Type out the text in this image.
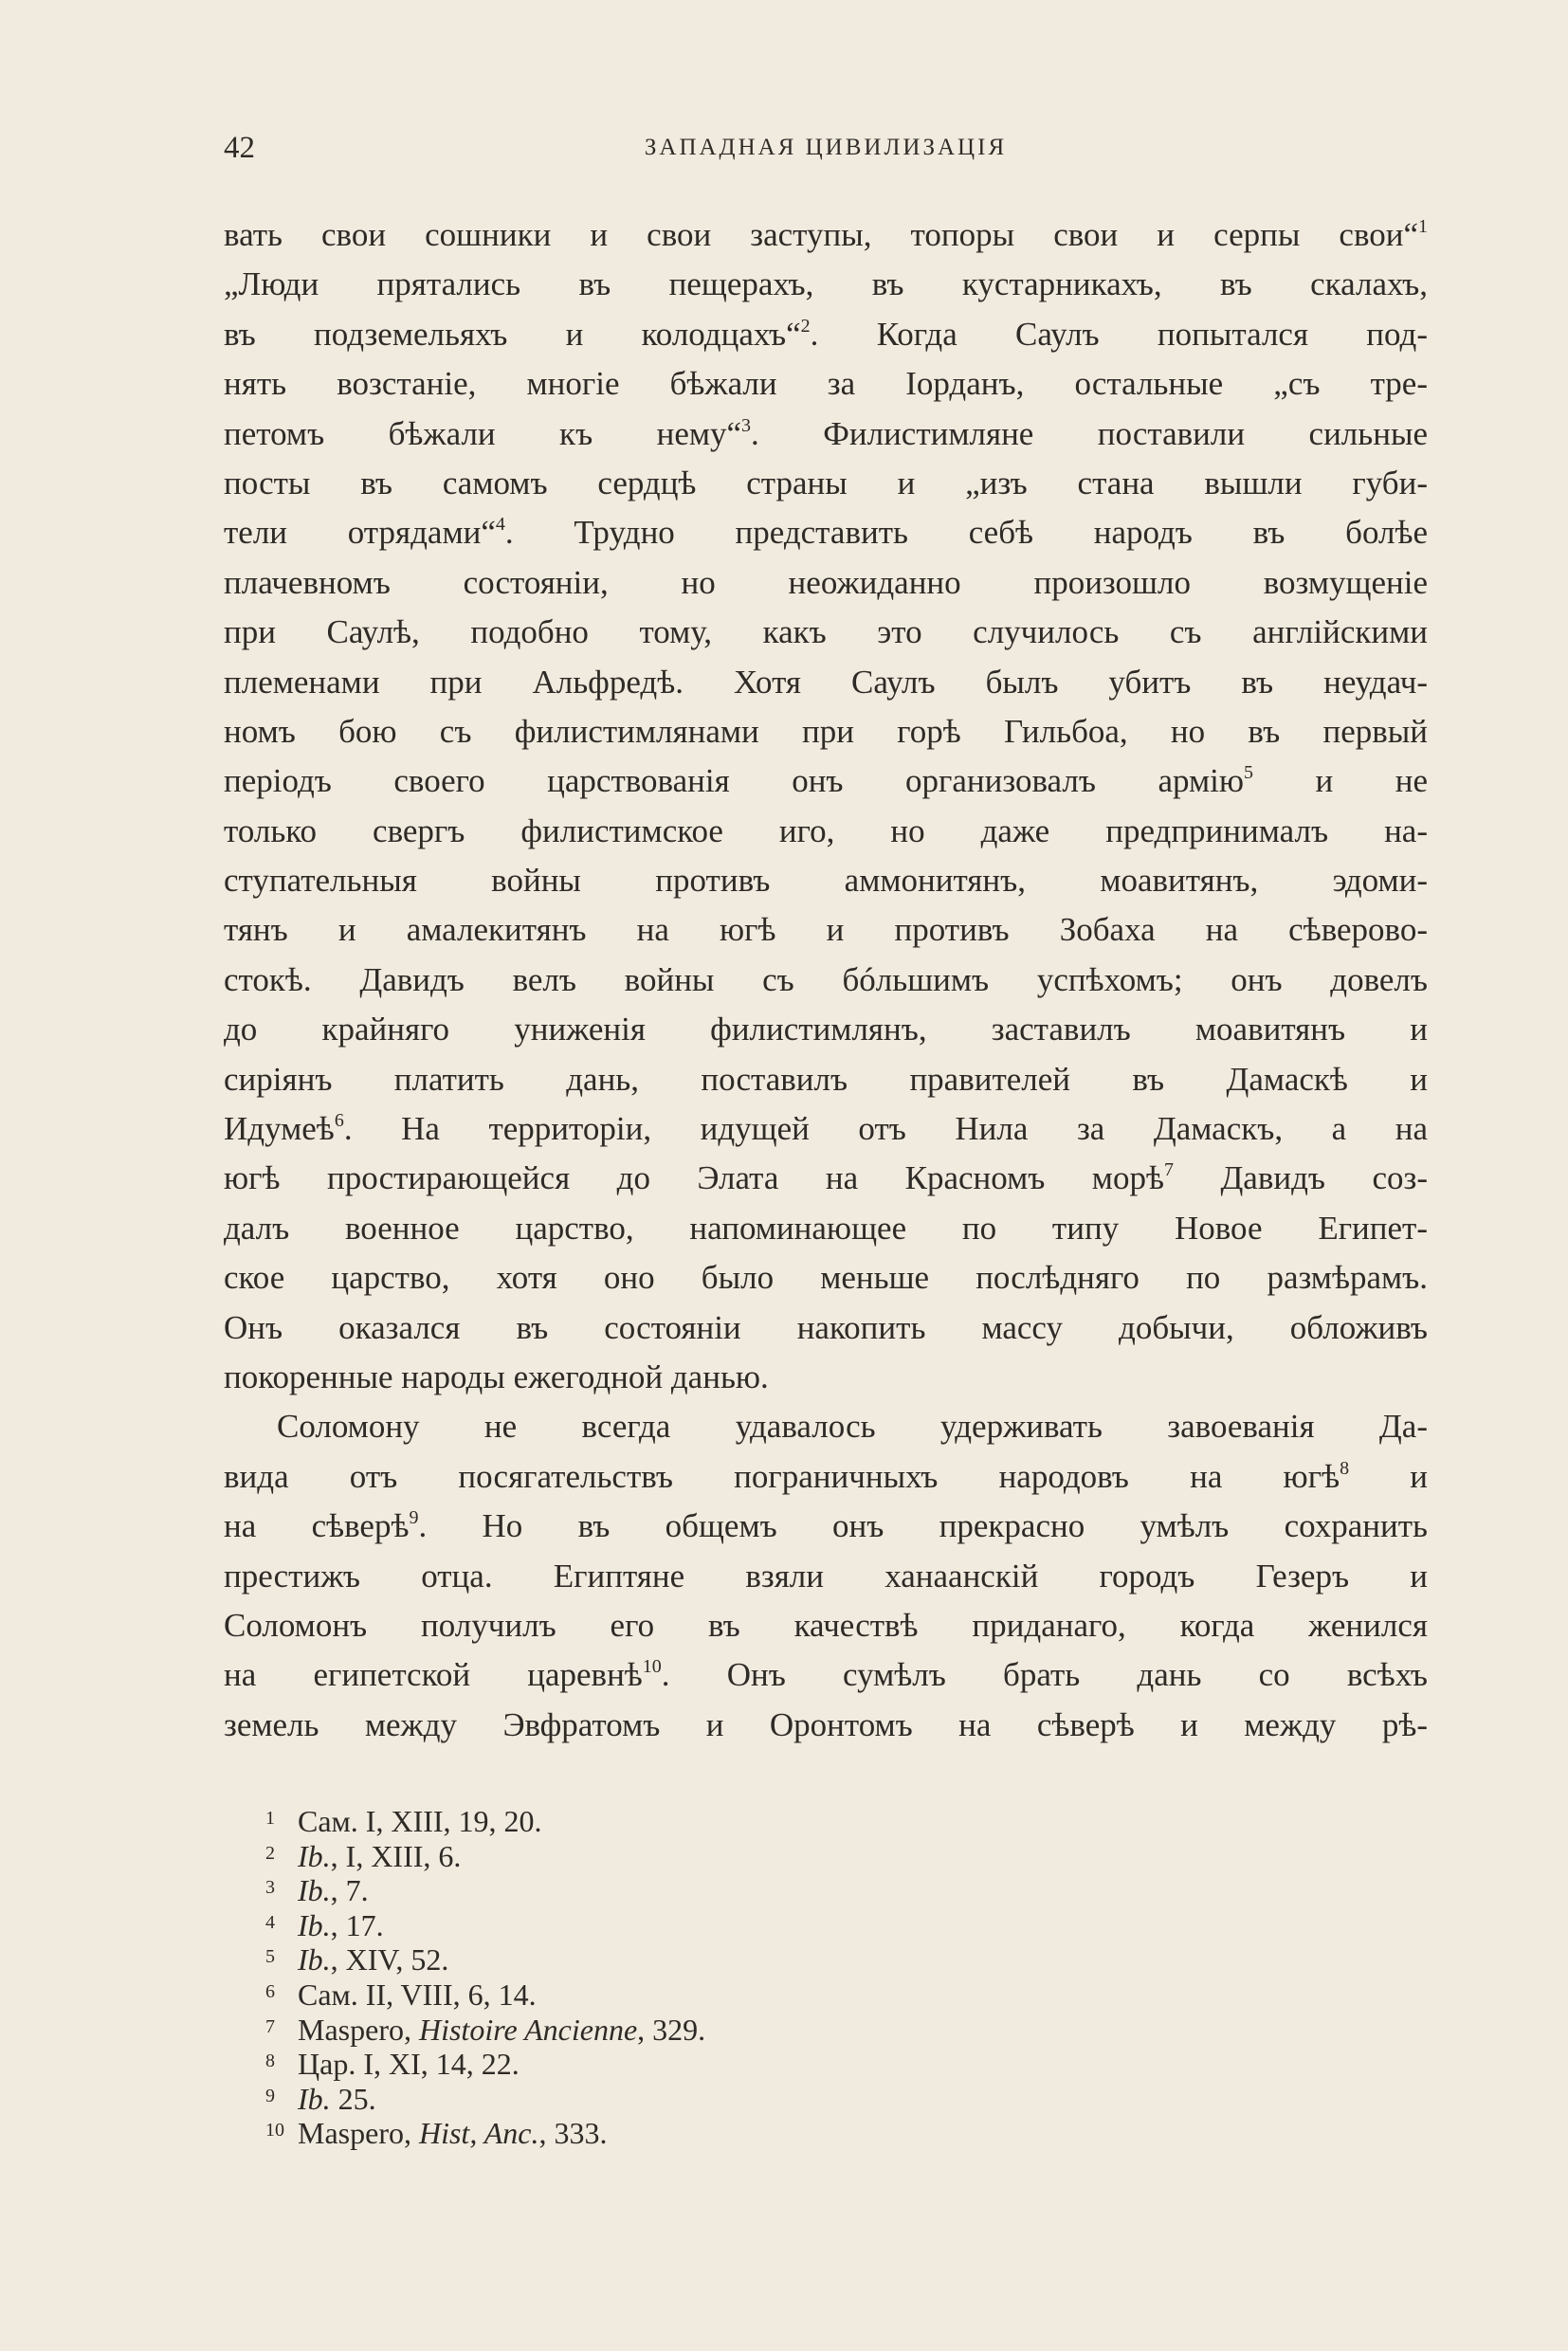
42	ЗАПАДНАЯ ЦИВИЛИЗАЦІЯ
вать свои сошники и свои заступы, топоры свои и серпы свои“$^1$
„Люди прятались въ пещерахъ, въ кустарникахъ, въ скалахъ,
въ подземельяхъ и колодцахъ“$^2$. Когда Саулъ попытался под-
нять возстаніе, многіе бѣжали за Іорданъ, остальные „съ тре-
петомъ бѣжали къ нему“$^3$. Филистимляне поставили сильные
посты въ самомъ сердцѣ страны и „изъ стана вышли губи-
тели отрядами“$^4$. Трудно представить себѣ народъ въ болѣе
плачевномъ состояніи, но неожиданно произошло возмущеніе
при Саулѣ, подобно тому, какъ это случилось съ англійскими
племенами при Альфредѣ. Хотя Саулъ былъ убитъ въ неудач-
номъ бою съ филистимлянами при горѣ Гильбоа, но въ первый
періодъ своего царствованія онъ организовалъ армію$^5$ и не
только свергъ филистимское иго, но даже предпринималъ на-
ступательныя войны противъ аммонитянъ, моавитянъ, эдоми-
тянъ и амалекитянъ на югѣ и противъ Зобаха на сѣверово-
стокѣ. Давидъ велъ войны съ бóльшимъ успѣхомъ; онъ довелъ
до крайняго униженія филистимлянъ, заставилъ моавитянъ и
сиріянъ платить дань, поставилъ правителей въ Дамаскѣ и
Идумеѣ$^6$. На территоріи, идущей отъ Нила за Дамаскъ, а на
югѣ простирающейся до Элата на Красномъ морѣ$^7$ Давидъ соз-
далъ военное царство, напоминающее по типу Новое Египет-
ское царство, хотя оно было меньше послѣдняго по размѣрамъ.
Онъ оказался въ состояніи накопить массу добычи, обложивъ
покоренные народы ежегодной данью.
Соломону не всегда удавалось удерживать завоеванія Да-
вида отъ посягательствъ пограничныхъ народовъ на югѣ$^8$ и
на сѣверѣ$^9$. Но въ общемъ онъ прекрасно умѣлъ сохранить
престижъ отца. Египтяне взяли ханаанскій городъ Гезеръ и
Соломонъ получилъ его въ качествѣ приданаго, когда женился
на египетской царевнѣ$^{10}$. Онъ сумѣлъ брать дань со всѣхъ
земель между Эвфратомъ и Оронтомъ на сѣверѣ и между рѣ-
1 Сам. I, XIII, 19, 20.
2 Ib., I, XIII, 6.
3 Ib., 7.
4 Ib., 17.
5 Ib., XIV, 52.
6 Сам. II, VIII, 6, 14.
7 Maspero, Histoire Ancienne, 329.
8 Цар. I, XI, 14, 22.
9 Ib. 25.
10 Maspero, Hist, Anc., 333.
